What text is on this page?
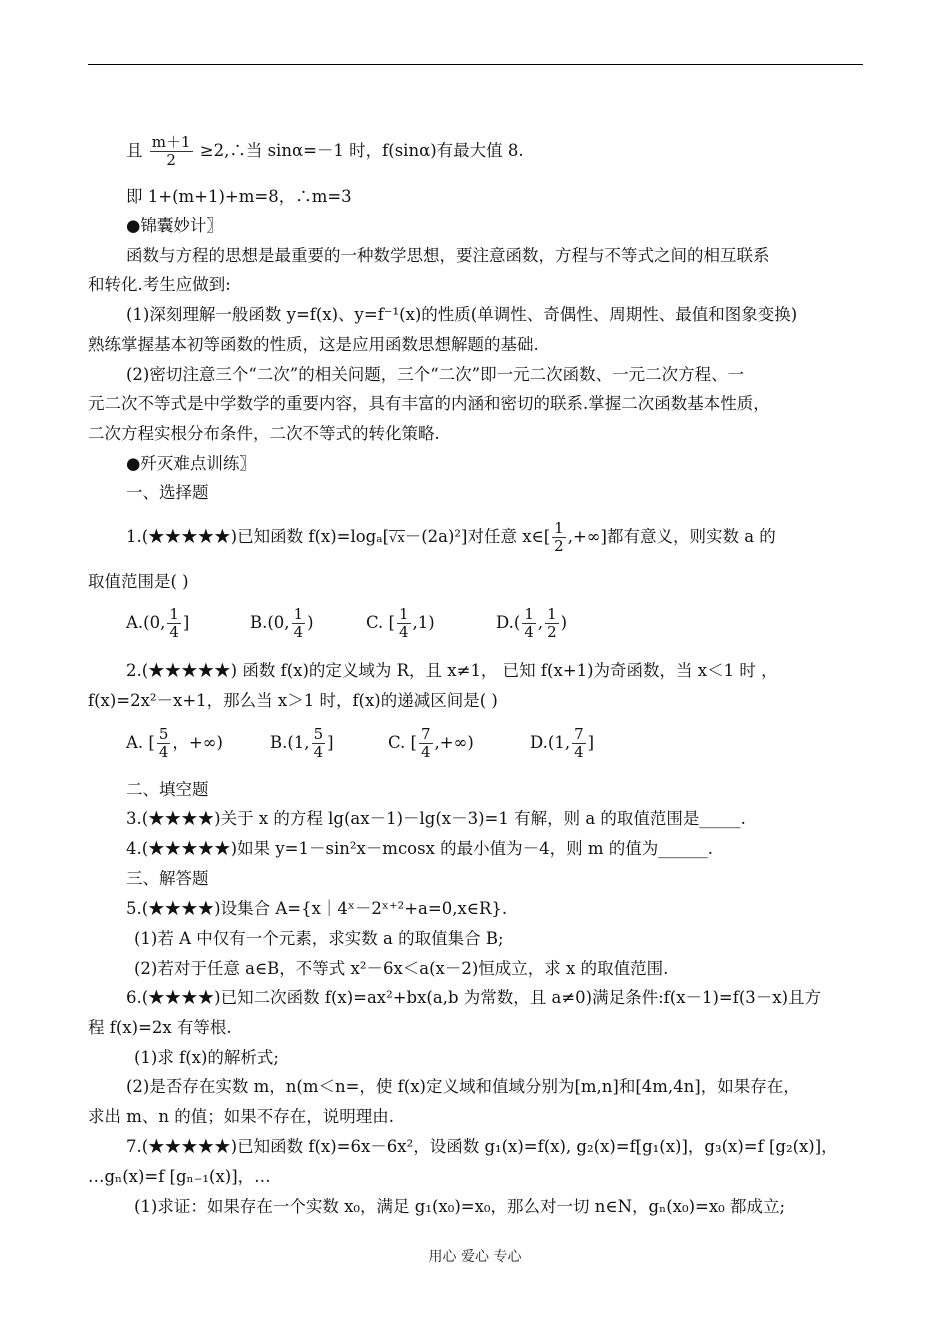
且 $\frac{m+1}{2}$ ≥2,∴当 sinα=－1 时，f(sinα)有最大值 8.
即 1+(m+1)+m=8，∴m=3
●锦囊妙计〗
函数与方程的思想是最重要的一种数学思想，要注意函数，方程与不等式之间的相互联系
和转化.考生应做到:
(1)深刻理解一般函数 y=f(x)、y=f⁻¹(x)的性质(单调性、奇偶性、周期性、最值和图象变换)
熟练掌握基本初等函数的性质，这是应用函数思想解题的基础.
(2)密切注意三个“二次”的相关问题，三个“二次”即一元二次函数、一元二次方程、一
元二次不等式是中学数学的重要内容，具有丰富的内涵和密切的联系.掌握二次函数基本性质，
二次方程实根分布条件，二次不等式的转化策略.
●歼灭难点训练〗
一、选择题
1.(★★★★★)已知函数 f(x)=logₐ[√x－(2a)²]对任意 x∈[ $\frac{1}{2}$ ,+∞]都有意义，则实数 a 的
取值范围是( )
A.(0, $\frac{1}{4}$ ]	B.(0, $\frac{1}{4}$ )	C. [ $\frac{1}{4} ,1$)	$D.( \frac{1}{4}$ , $\frac{1}{2}$ )
2.(★★★★★) 函数 f(x)的定义域为 R，且 x≠1， 已知 f(x+1)为奇函数，当 x＜1 时 ，
f(x)=2x²－x+1，那么当 x＞1 时，f(x)的递减区间是( )
A. [ $\frac{5}{4}$ ，+∞)	B.(1, $\frac{5}{4}$ ]	C. [ $\frac{7}{4}$ ,+∞)	D.(1, $\frac{7}{4}$ ]
二、填空题
3.(★★★★)关于 x 的方程 lg(ax－1)－lg(x－3)=1 有解，则 a 的取值范围是_____.
4.(★★★★★)如果 y=1－sin²x－mcosx 的最小值为－4，则 m 的值为______.
三、解答题
5.(★★★★)设集合 A={x｜4ˣ－2ˣ⁺²+a=0,x∈R}.
(1)若 A 中仅有一个元素，求实数 a 的取值集合 B;
(2)若对于任意 a∈B，不等式 x²－6x＜a(x－2)恒成立，求 x 的取值范围.
6.(★★★★)已知二次函数 f(x)=ax²+bx(a,b 为常数，且 a≠0)满足条件:f(x－1)=f(3－x)且方
程 f(x)=2x 有等根.
(1)求 f(x)的解析式;
(2)是否存在实数 m，n(m＜n=，使 f(x)定义域和值域分别为[m,n]和[4m,4n]，如果存在，
求出 m、n 的值；如果不存在，说明理由.
7.(★★★★★)已知函数 f(x)=6x－6x²，设函数 g₁(x)=f(x), g₂(x)=f[g₁(x)]，g₃(x)=f [g₂(x)]，
…gₙ(x)=f [gₙ₋₁(x)]，…
(1)求证：如果存在一个实数 x₀，满足 g₁(x₀)=x₀，那么对一切 n∈N，gₙ(x₀)=x₀ 都成立;
用心 爱心 专心
